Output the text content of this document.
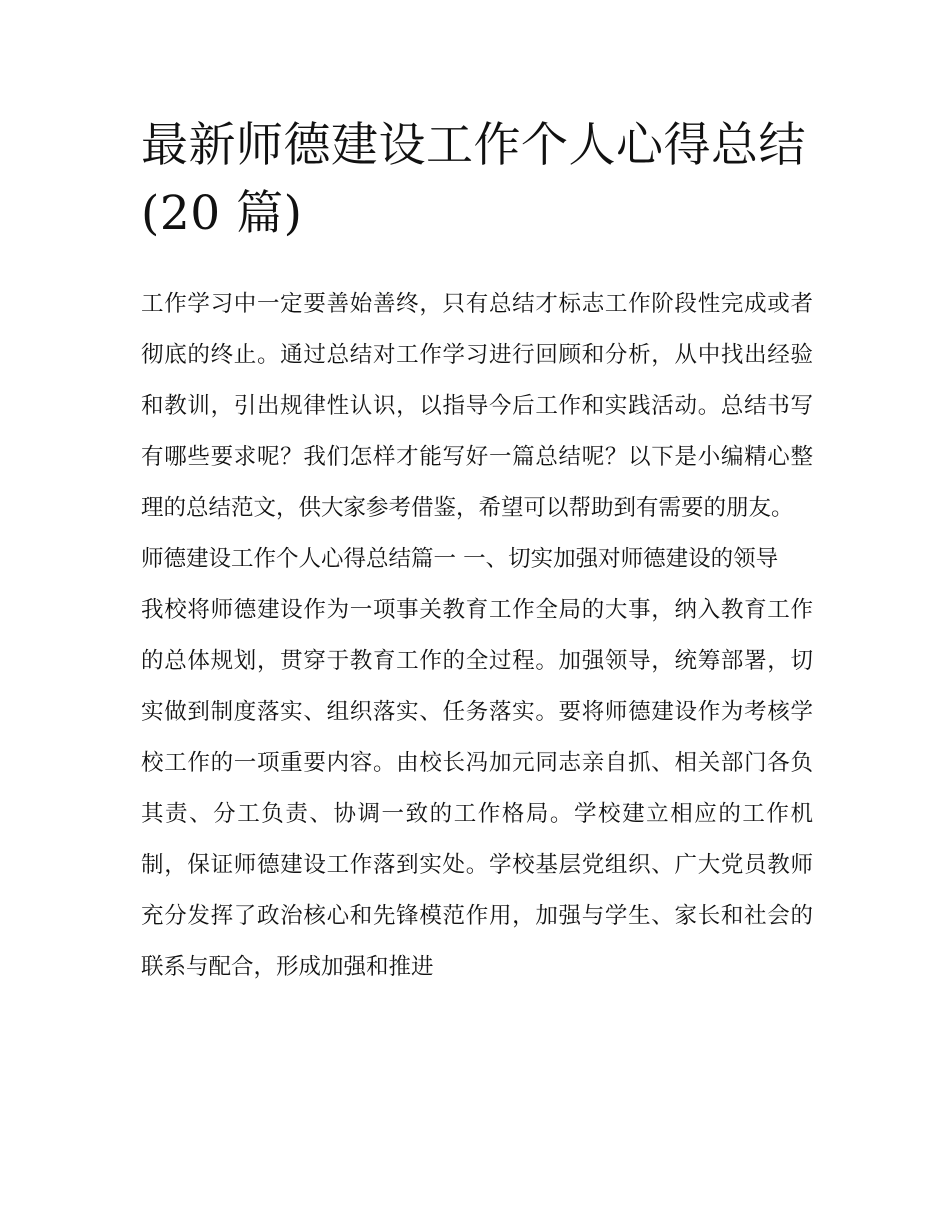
最新师德建设工作个人心得总结(20 篇)

工作学习中一定要善始善终，只有总结才标志工作阶段性完成或者彻底的终止。通过总结对工作学习进行回顾和分析，从中找出经验和教训，引出规律性认识，以指导今后工作和实践活动。总结书写有哪些要求呢？我们怎样才能写好一篇总结呢？以下是小编精心整理的总结范文，供大家参考借鉴，希望可以帮助到有需要的朋友。

师德建设工作个人心得总结篇一 一、切实加强对师德建设的领导

我校将师德建设作为一项事关教育工作全局的大事，纳入教育工作的总体规划，贯穿于教育工作的全过程。加强领导，统筹部署，切实做到制度落实、组织落实、任务落实。要将师德建设作为考核学校工作的一项重要内容。由校长冯加元同志亲自抓、相关部门各负其责、分工负责、协调一致的工作格局。学校建立相应的工作机制，保证师德建设工作落到实处。学校基层党组织、广大党员教师充分发挥了政治核心和先锋模范作用，加强与学生、家长和社会的联系与配合，形成加强和推进
